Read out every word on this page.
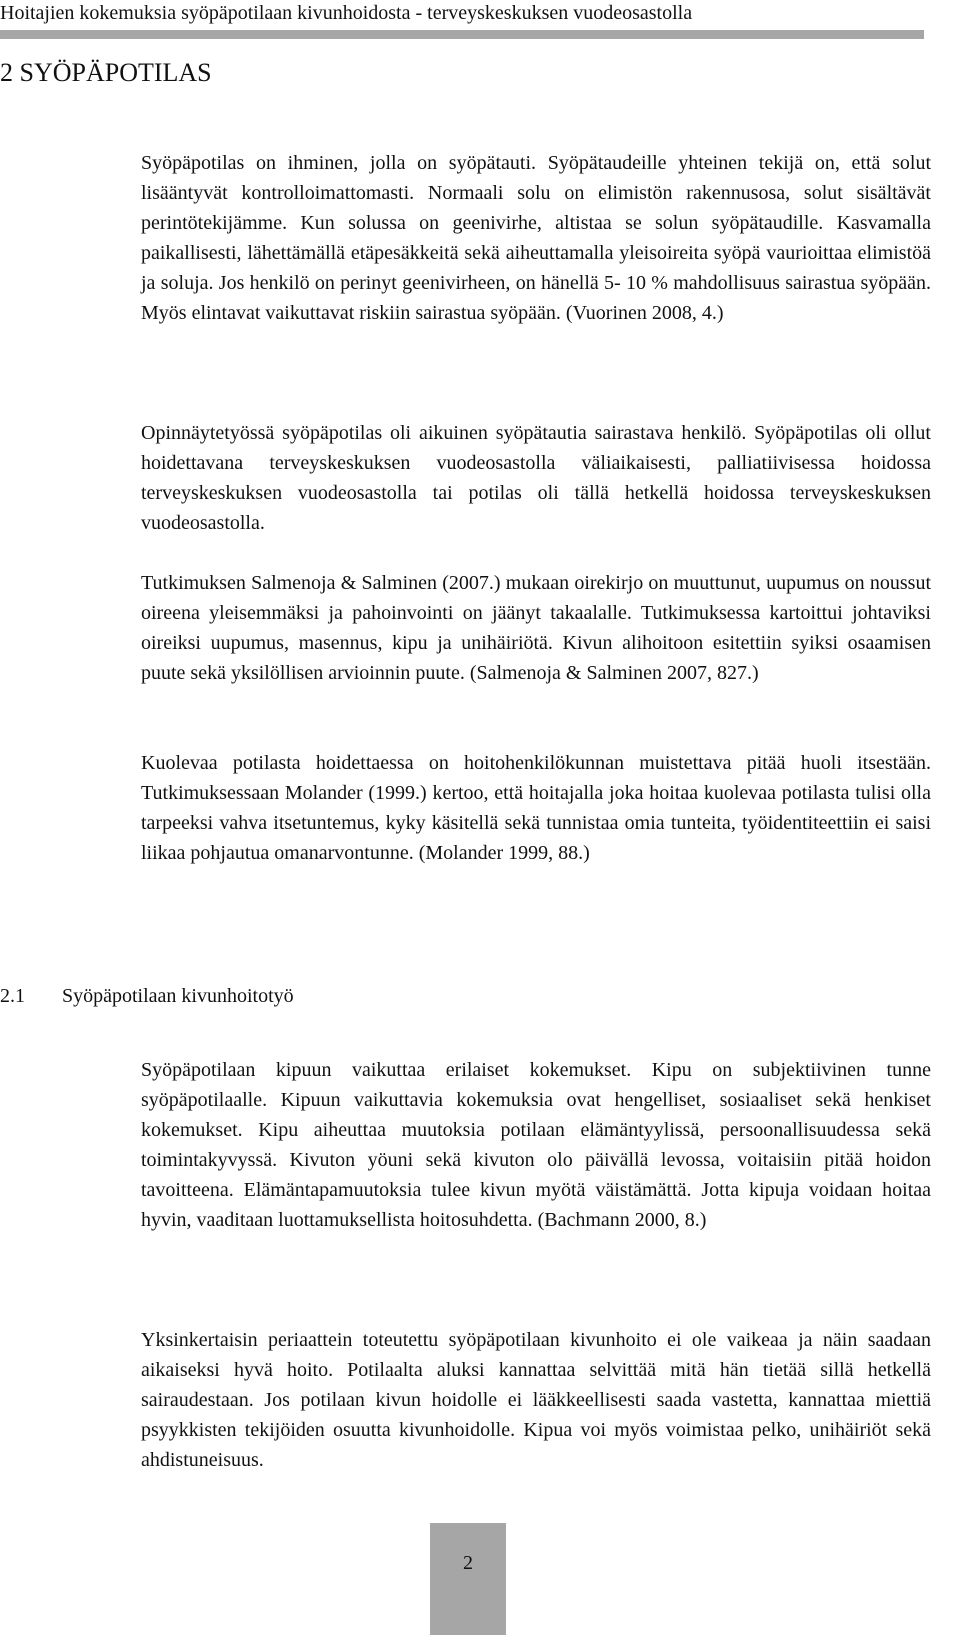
Hoitajien kokemuksia syöpäpotilaan kivunhoidosta - terveyskeskuksen vuodeosastolla
2 SYÖPÄPOTILAS

Syöpäpotilas on ihminen, jolla on syöpätauti. Syöpätaudeille yhteinen tekijä on, että solut lisääntyvät kontrolloimattomasti. Normaali solu on elimistön rakennusosa, solut sisältävät perintötekijämme. Kun solussa on geenivirhe, altistaa se solun syöpätaudille. Kasvamalla paikallisesti, lähettämällä etäpesäkkeitä sekä aiheuttamalla yleisoireita syöpä vaurioittaa elimistöä ja soluja. Jos henkilö on perinyt geenivirheen, on hänellä 5- 10 % mahdollisuus sairastua syöpään. Myös elintavat vaikuttavat riskiin sairastua syöpään. (Vuorinen 2008, 4.)

Opinnäytetyössä syöpäpotilas oli aikuinen syöpätautia sairastava henkilö. Syöpäpotilas oli ollut hoidettavana terveyskeskuksen vuodeosastolla väliaikaisesti, palliatiivisessa hoidossa terveyskeskuksen vuodeosastolla tai potilas oli tällä hetkellä hoidossa terveyskeskuksen vuodeosastolla.

Tutkimuksen Salmenoja & Salminen (2007.) mukaan oirekirjo on muuttunut, uupumus on noussut oireena yleisemmäksi ja pahoinvointi on jäänyt takaalalle. Tutkimuksessa kartoittui johtaviksi oireiksi uupumus, masennus, kipu ja unihäiriötä. Kivun alihoitoon esitettiin syiksi osaamisen puute sekä yksilöllisen arvioinnin puute. (Salmenoja & Salminen 2007, 827.)

Kuolevaa potilasta hoidettaessa on hoitohenkilökunnan muistettava pitää huoli itsestään. Tutkimuksessaan Molander (1999.) kertoo, että hoitajalla joka hoitaa kuolevaa potilasta tulisi olla tarpeeksi vahva itsetuntemus, kyky käsitellä sekä tunnistaa omia tunteita, työidentiteettiin ei saisi liikaa pohjautua omanarvontunne. (Molander 1999, 88.)

2.1 Syöpäpotilaan kivunhoitotyö

Syöpäpotilaan kipuun vaikuttaa erilaiset kokemukset. Kipu on subjektiivinen tunne syöpäpotilaalle. Kipuun vaikuttavia kokemuksia ovat hengelliset, sosiaaliset sekä henkiset kokemukset. Kipu aiheuttaa muutoksia potilaan elämäntyylissä, persoonallisuudessa sekä toimintakyvyssä. Kivuton yöuni sekä kivuton olo päivällä levossa, voitaisiin pitää hoidon tavoitteena. Elämäntapamuutoksia tulee kivun myötä väistämättä. Jotta kipuja voidaan hoitaa hyvin, vaaditaan luottamuksellista hoitosuhdetta. (Bachmann 2000, 8.)

Yksinkertaisin periaattein toteutettu syöpäpotilaan kivunhoito ei ole vaikeaa ja näin saadaan aikaiseksi hyvä hoito. Potilaalta aluksi kannattaa selvittää mitä hän tietää sillä hetkellä sairaudestaan. Jos potilaan kivun hoidolle ei lääkkeellisesti saada vastetta, kannattaa miettiä psyykkisten tekijöiden osuutta kivunhoidolle. Kipua voi myös voimistaa pelko, unihäiriöt sekä ahdistuneisuus.

2
